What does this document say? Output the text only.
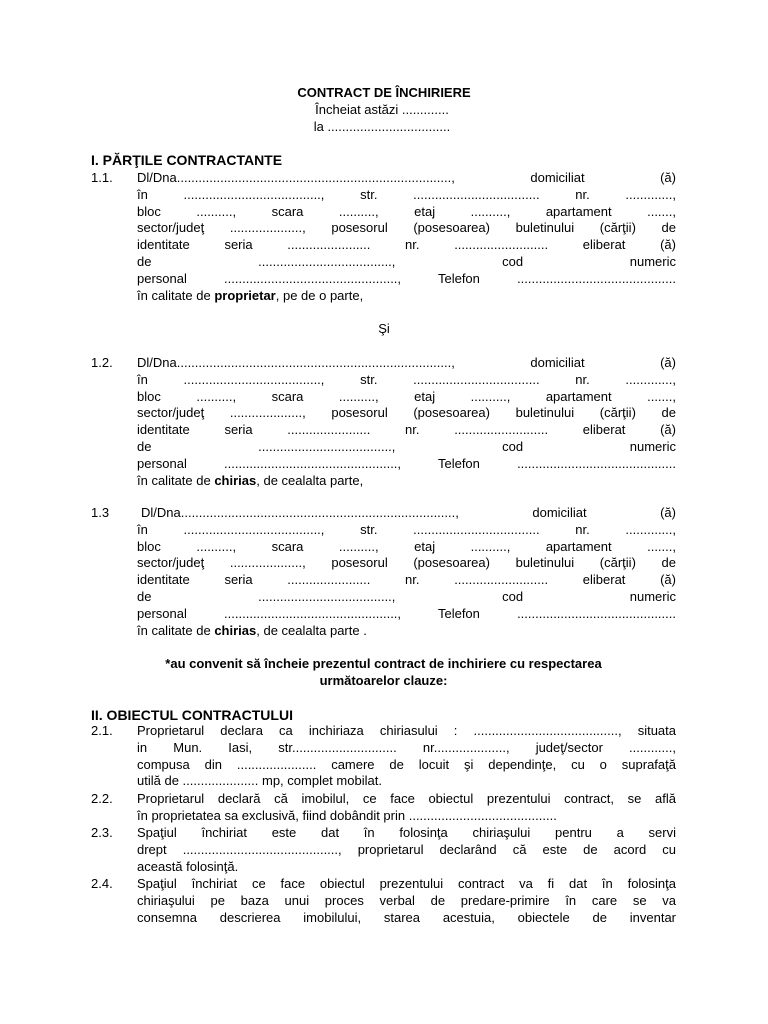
CONTRACT DE ÎNCHIRIERE
Încheiat astăzi .............
la ..................................
I. PĂRŢILE CONTRACTANTE
1.1. Dl/Dna............................................................................, domiciliat (ă)
în ......................................, str. ................................... nr. .............,
bloc .........., scara .........., etaj .........., apartament .......,
sector/judeţ ...................., posesorul (posesoarea) buletinului (cărţii) de
identitate seria ....................... nr. .......................... eliberat (ă)
de ....................................., cod numeric
personal ................................................, Telefon ............................................
în calitate de proprietar, pe de o parte,
Şi
1.2. Dl/Dna............................................................................, domiciliat (ă)
în ......................................, str. ................................... nr. .............,
bloc .........., scara .........., etaj .........., apartament .......,
sector/judeţ ...................., posesorul (posesoarea) buletinului (cărţii) de
identitate seria ....................... nr. .......................... eliberat (ă)
de ....................................., cod numeric
personal ................................................, Telefon ............................................
în calitate de chirias, de cealalta parte,
1.3	Dl/Dna............................................................................, domiciliat (ă)
în ......................................, str. ................................... nr. .............,
bloc .........., scara .........., etaj .........., apartament .......,
sector/judeţ ...................., posesorul (posesoarea) buletinului (cărţii) de
identitate seria ....................... nr. .......................... eliberat (ă)
de ....................................., cod numeric
personal ................................................, Telefon ............................................
în calitate de chirias, de cealalta parte .
*au convenit să încheie prezentul contract de inchiriere cu respectarea
următoarelor clauze:
II. OBIECTUL CONTRACTULUI
2.1. Proprietarul declara ca inchiriaza chiriasului : ........................................, situata
in Mun. Iasi, str............................. nr...................., judeţ/sector ............,
compusa din ...................... camere de locuit şi dependinţe, cu o suprafaţă
utilă de ..................... mp, complet mobilat.
2.2. Proprietarul declară că imobilul, ce face obiectul prezentului contract, se află
în proprietatea sa exclusivă, fiind dobândit prin .........................................
2.3. Spaţiul închiriat este dat în folosinţa chiriaşului pentru a servi
drept ..........................................., proprietarul declarând că este de acord cu
această folosinţă.
2.4. Spaţiul închiriat ce face obiectul prezentului contract va fi dat în folosinţa
chiriaşului pe baza unui proces verbal de predare-primire în care se va
consemna descrierea imobilului, starea acestuia, obiectele de inventar
